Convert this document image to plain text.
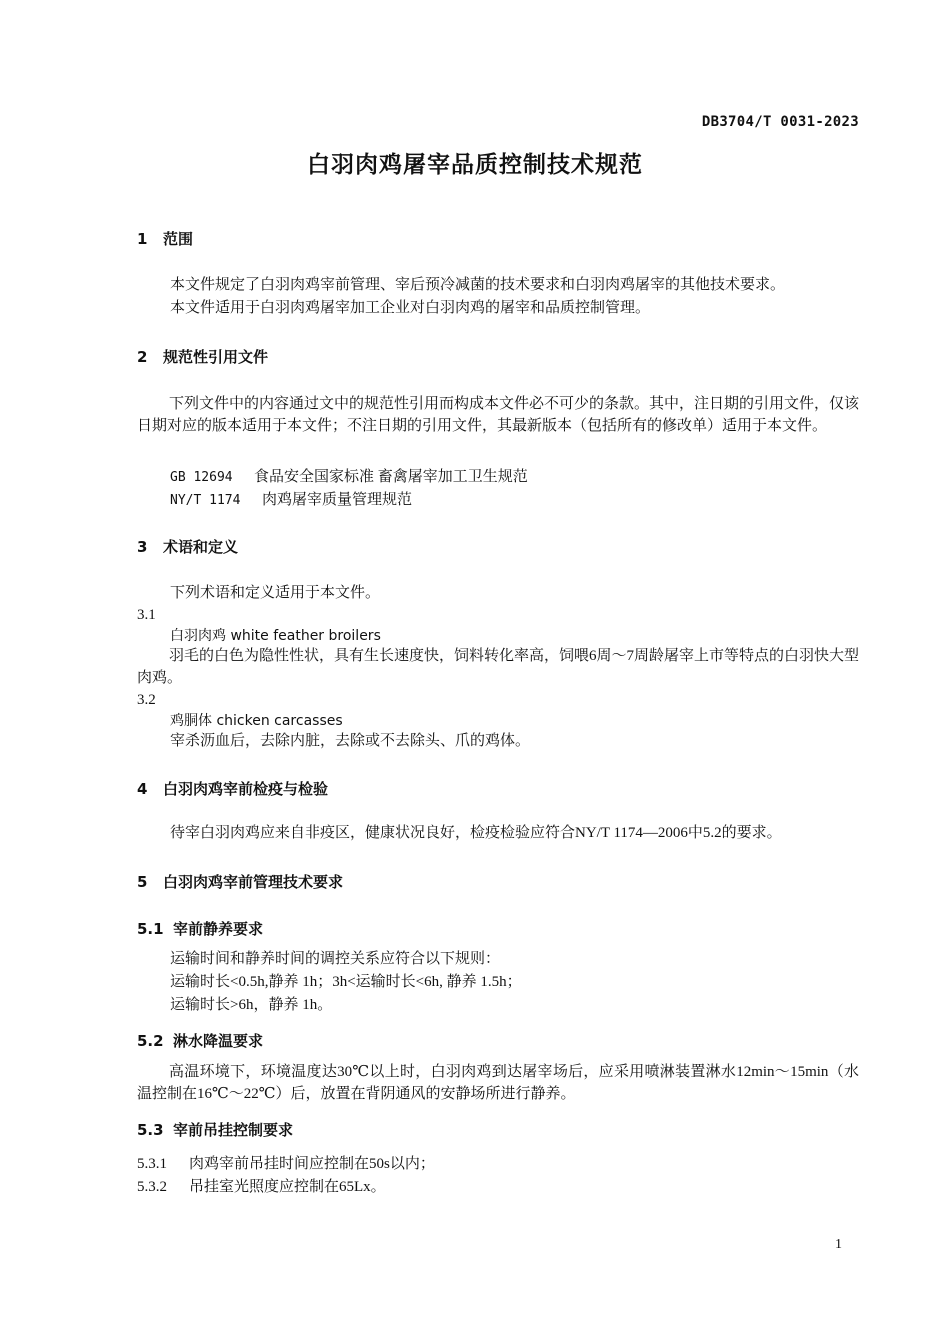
DB3704/T 0031-2023
白羽肉鸡屠宰品质控制技术规范
1 范围
本文件规定了白羽肉鸡宰前管理、宰后预冷减菌的技术要求和白羽肉鸡屠宰的其他技术要求。
本文件适用于白羽肉鸡屠宰加工企业对白羽肉鸡的屠宰和品质控制管理。
2 规范性引用文件
下列文件中的内容通过文中的规范性引用而构成本文件必不可少的条款。其中，注日期的引用文件，仅该日期对应的版本适用于本文件；不注日期的引用文件，其最新版本（包括所有的修改单）适用于本文件。
GB 12694 食品安全国家标准 畜禽屠宰加工卫生规范
NY/T 1174 肉鸡屠宰质量管理规范
3 术语和定义
下列术语和定义适用于本文件。
3.1
白羽肉鸡 white feather broilers
羽毛的白色为隐性性状，具有生长速度快，饲料转化率高，饲喂6周～7周龄屠宰上市等特点的白羽快大型肉鸡。
3.2
鸡胴体 chicken carcasses
宰杀沥血后，去除内脏，去除或不去除头、爪的鸡体。
4 白羽肉鸡宰前检疫与检验
待宰白羽肉鸡应来自非疫区，健康状况良好，检疫检验应符合NY/T 1174—2006中5.2的要求。
5 白羽肉鸡宰前管理技术要求
5.1 宰前静养要求
运输时间和静养时间的调控关系应符合以下规则：
运输时长<0.5h,静养 1h；3h<运输时长<6h, 静养 1.5h；
运输时长>6h，静养 1h。
5.2 淋水降温要求
高温环境下，环境温度达30℃以上时，白羽肉鸡到达屠宰场后，应采用喷淋装置淋水12min～15min（水温控制在16℃～22℃）后，放置在背阴通风的安静场所进行静养。
5.3 宰前吊挂控制要求
5.3.1 肉鸡宰前吊挂时间应控制在50s以内；
5.3.2 吊挂室光照度应控制在65Lx。
1
